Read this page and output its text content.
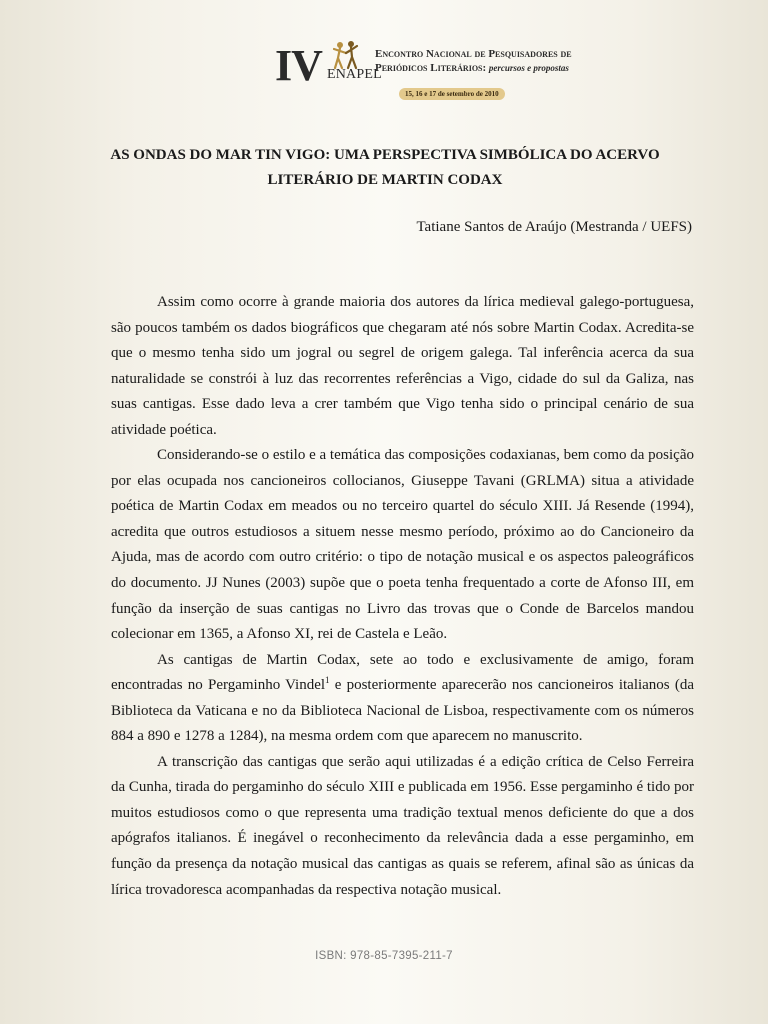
IV ENAPEL
Encontro Nacional de Pesquisadores de
Periódicos Literários: percursos e propostas
15, 16 e 17 de setembro de 2010
AS ONDAS DO MAR TIN VIGO: UMA PERSPECTIVA SIMBÓLICA DO ACERVO LITERÁRIO DE MARTIN CODAX
Tatiane Santos de Araújo (Mestranda / UEFS)

Assim como ocorre à grande maioria dos autores da lírica medieval galego-portuguesa, são poucos também os dados biográficos que chegaram até nós sobre Martin Codax. Acredita-se que o mesmo tenha sido um jogral ou segrel de origem galega. Tal inferência acerca da sua naturalidade se constrói à luz das recorrentes referências a Vigo, cidade do sul da Galiza, nas suas cantigas. Esse dado leva a crer também que Vigo tenha sido o principal cenário de sua atividade poética.

Considerando-se o estilo e a temática das composições codaxianas, bem como da posição por elas ocupada nos cancioneiros collocianos, Giuseppe Tavani (GRLMA) situa a atividade poética de Martin Codax em meados ou no terceiro quartel do século XIII. Já Resende (1994), acredita que outros estudiosos a situem nesse mesmo período, próximo ao do Cancioneiro da Ajuda, mas de acordo com outro critério: o tipo de notação musical e os aspectos paleográficos do documento. JJ Nunes (2003) supõe que o poeta tenha frequentado a corte de Afonso III, em função da inserção de suas cantigas no Livro das trovas que o Conde de Barcelos mandou colecionar em 1365, a Afonso XI, rei de Castela e Leão.

As cantigas de Martin Codax, sete ao todo e exclusivamente de amigo, foram encontradas no Pergaminho Vindel$^1$ e posteriormente aparecerão nos cancioneiros italianos (da Biblioteca da Vaticana e no da Biblioteca Nacional de Lisboa, respectivamente com os números 884 a 890 e 1278 a 1284), na mesma ordem com que aparecem no manuscrito.

A transcrição das cantigas que serão aqui utilizadas é a edição crítica de Celso Ferreira da Cunha, tirada do pergaminho do século XIII e publicada em 1956. Esse pergaminho é tido por muitos estudiosos como o que representa uma tradição textual menos deficiente do que a dos apógrafos italianos. É inegável o reconhecimento da relevância dada a esse pergaminho, em função da presença da notação musical das cantigas as quais se referem, afinal são as únicas da lírica trovadoresca acompanhadas da respectiva notação musical.

ISBN: 978-85-7395-211-7
